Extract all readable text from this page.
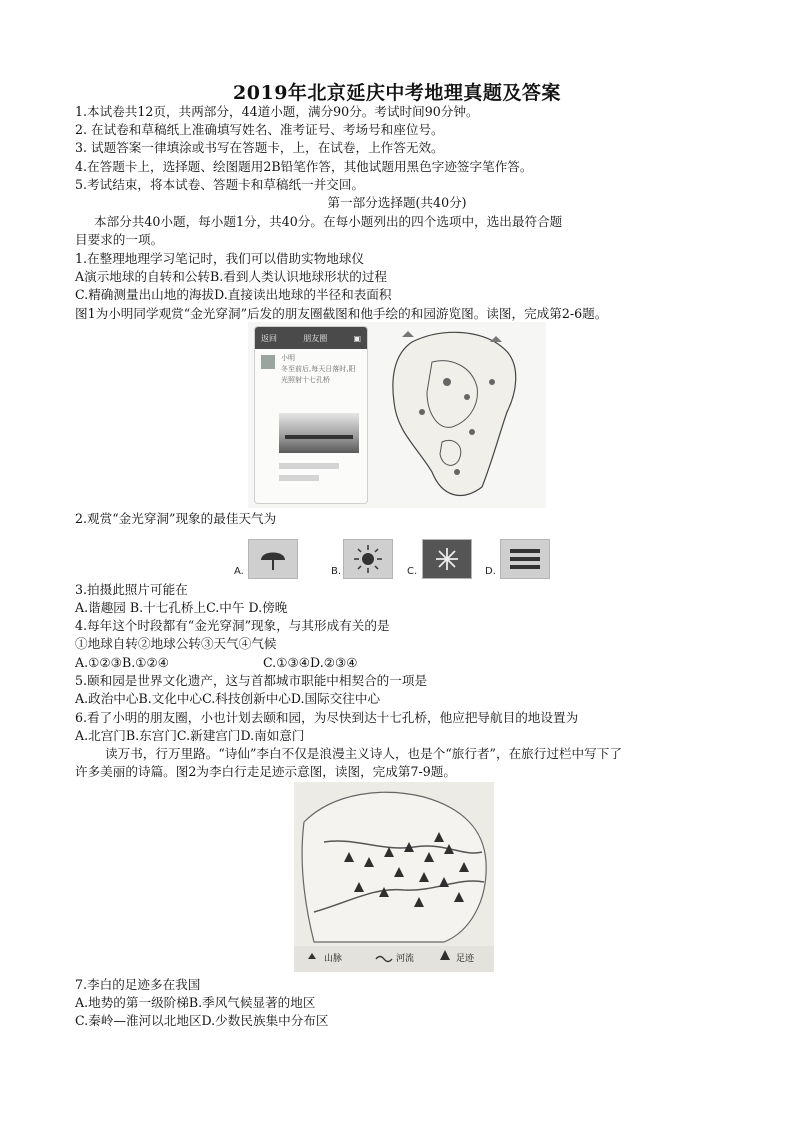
2019年北京延庆中考地理真题及答案
1.本试卷共12页，共两部分，44道小题，满分90分。考试时间90分钟。
2. 在试卷和草稿纸上准确填写姓名、准考证号、考场号和座位号。
3. 试题答案一律填涂或书写在答题卡，上，在试卷，上作答无效。
4.在答题卡上，选择题、绘图题用2B铅笔作答，其他试题用黑色字迹签字笔作答。
5.考试结束，将本试卷、答题卡和草稿纸一并交回。
第一部分选择题(共40分)
本部分共40小题，每小题1分，共40分。在每小题列出的四个选项中，选出最符合题
目要求的一项。
1.在整理地理学习笔记时，我们可以借助实物地球仪
A演示地球的自转和公转B.看到人类认识地球形状的过程
C.精确测量出山地的海拔D.直接读出地球的半径和表面积
图1为小明同学观赏“金光穿洞”后发的朋友圈截图和他手绘的和园游览图。读图，完成第2-6题。
返回	朋友圈	▣
小明
冬至前后,每天日落时,阳光照射十七孔桥
2.观赏“金光穿洞”现象的最佳天气为
A.	B.	C.	D.
3.拍摄此照片可能在
A.谐趣园 B.十七孔桥上C.中午 D.傍晚
4.每年这个时段都有“金光穿洞”现象，与其形成有关的是
①地球自转②地球公转③天气④气候
A.①②③B.①②④	C.①③④D.②③④
5.颐和园是世界文化遗产，这与首都城市职能中相契合的一项是
A.政治中心B.文化中心C.科技创新中心D.国际交往中心
6.看了小明的朋友圈，小也计划去颐和园，为尽快到达十七孔桥，他应把导航目的地设置为
A.北宫门B.东宫门C.新建宫门D.南如意门
读万书，行万里路。“诗仙”李白不仅是浪漫主义诗人，也是个“旅行者”，在旅行过栏中写下了
许多美丽的诗篇。图2为李白行走足迹示意图，读图，完成第7-9题。
山脉	河流	足迹
7.李白的足迹多在我国
A.地势的第一级阶梯B.季风气候显著的地区
C.秦岭—淮河以北地区D.少数民族集中分布区
